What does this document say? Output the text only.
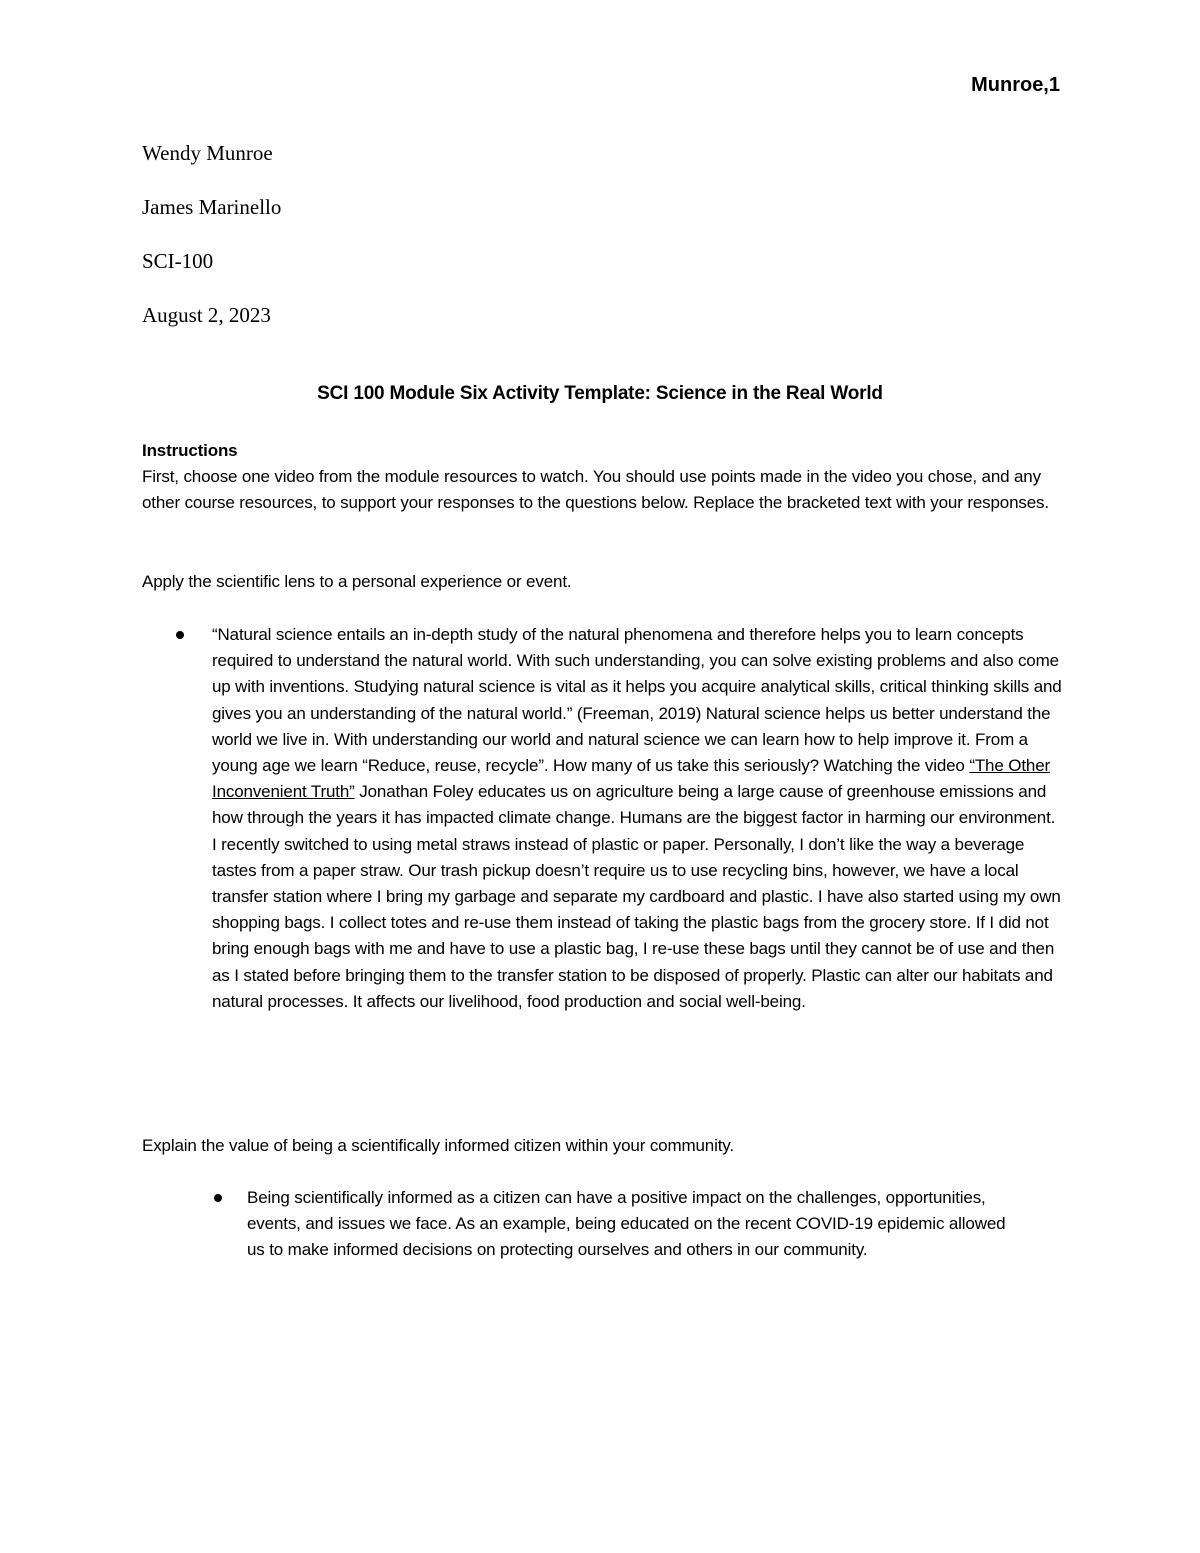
Munroe,1
Wendy Munroe
James Marinello
SCI-100
August 2, 2023
SCI 100 Module Six Activity Template: Science in the Real World
Instructions
First, choose one video from the module resources to watch. You should use points made in the video you chose, and any other course resources, to support your responses to the questions below. Replace the bracketed text with your responses.
Apply the scientific lens to a personal experience or event.
“Natural science entails an in-depth study of the natural phenomena and therefore helps you to learn concepts required to understand the natural world. With such understanding, you can solve existing problems and also come up with inventions. Studying natural science is vital as it helps you acquire analytical skills, critical thinking skills and gives you an understanding of the natural world.” (Freeman, 2019) Natural science helps us better understand the world we live in. With understanding our world and natural science we can learn how to help improve it. From a young age we learn “Reduce, reuse, recycle”. How many of us take this seriously? Watching the video “The Other Inconvenient Truth” Jonathan Foley educates us on agriculture being a large cause of greenhouse emissions and how through the years it has impacted climate change. Humans are the biggest factor in harming our environment. I recently switched to using metal straws instead of plastic or paper. Personally, I don’t like the way a beverage tastes from a paper straw. Our trash pickup doesn’t require us to use recycling bins, however, we have a local transfer station where I bring my garbage and separate my cardboard and plastic. I have also started using my own shopping bags. I collect totes and re-use them instead of taking the plastic bags from the grocery store. If I did not bring enough bags with me and have to use a plastic bag, I re-use these bags until they cannot be of use and then as I stated before bringing them to the transfer station to be disposed of properly. Plastic can alter our habitats and natural processes. It affects our livelihood, food production and social well-being.
Explain the value of being a scientifically informed citizen within your community.
Being scientifically informed as a citizen can have a positive impact on the challenges, opportunities, events, and issues we face. As an example, being educated on the recent COVID-19 epidemic allowed us to make informed decisions on protecting ourselves and others in our community.
